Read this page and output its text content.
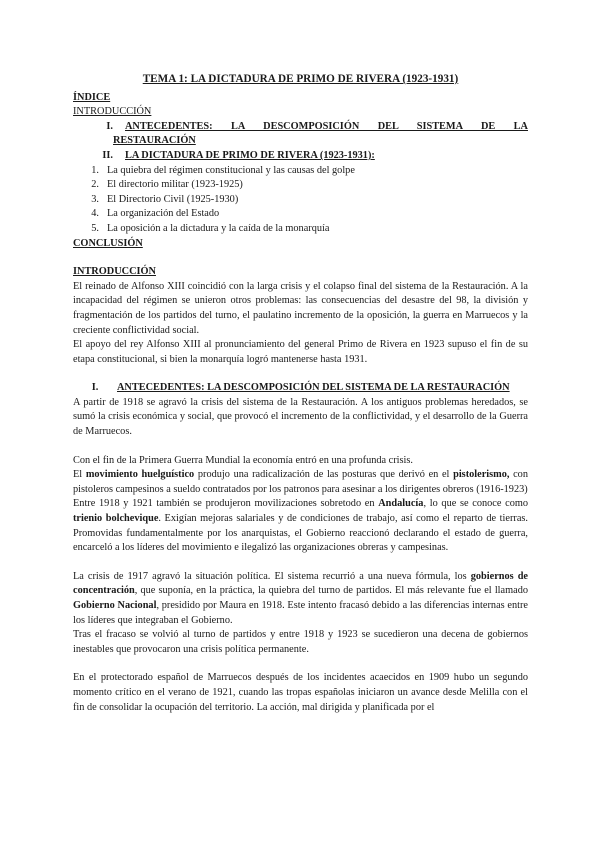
TEMA 1: LA DICTADURA DE PRIMO DE RIVERA (1923-1931)

ÍNDICE

INTRODUCCIÓN

I.	ANTECEDENTES: LA DESCOMPOSICIÓN DEL SISTEMA DE LA

RESTAURACIÓN

II.	LA DICTADURA DE PRIMO DE RIVERA (1923-1931):
1. La quiebra del régimen constitucional y las causas del golpe
2. El directorio militar (1923-1925)
3. El Directorio Civil (1925-1930)
4. La organización del Estado
5. La oposición a la dictadura y la caída de la monarquía

CONCLUSIÓN

INTRODUCCIÓN

El reinado de Alfonso XIII coincidió con la larga crisis y el colapso final del sistema de la Restauración. A la incapacidad del régimen se unieron otros problemas: las consecuencias del desastre del 98, la división y fragmentación de los partidos del turno, el paulatino incremento de la oposición, la guerra en Marruecos y la creciente conflictividad social.

El apoyo del rey Alfonso XIII al pronunciamiento del general Primo de Rivera en 1923 supuso el fin de su etapa constitucional, si bien la monarquía logró mantenerse hasta 1931.

I.	ANTECEDENTES: LA DESCOMPOSICIÓN DEL SISTEMA DE LA RESTAURACIÓN

A partir de 1918 se agravó la crisis del sistema de la Restauración. A los antiguos problemas heredados, se sumó la crisis económica y social, que provocó el incremento de la conflictividad, y el desarrollo de la Guerra de Marruecos.

Con el fin de la Primera Guerra Mundial la economía entró en una profunda crisis.

El movimiento huelguístico produjo una radicalización de las posturas que derivó en el pistolerismo, con pistoleros campesinos a sueldo contratados por los patronos para asesinar a los dirigentes obreros (1916-1923)

Entre 1918 y 1921 también se produjeron movilizaciones sobretodo en Andalucía, lo que se conoce como trienio bolchevique. Exigían mejoras salariales y de condiciones de trabajo, así como el reparto de tierras. Promovidas fundamentalmente por los anarquistas, el Gobierno reaccionó declarando el estado de guerra, encarceló a los líderes del movimiento e ilegalizó las organizaciones obreras y campesinas.

La crisis de 1917 agravó la situación política. El sistema recurrió a una nueva fórmula, los gobiernos de concentración, que suponía, en la práctica, la quiebra del turno de partidos. El más relevante fue el llamado Gobierno Nacional, presidido por Maura en 1918. Este intento fracasó debido a las diferencias internas entre los líderes que integraban el Gobierno.

Tras el fracaso se volvió al turno de partidos y entre 1918 y 1923 se sucedieron una decena de gobiernos inestables que provocaron una crisis política permanente.

En el protectorado español de Marruecos después de los incidentes acaecidos en 1909 hubo un segundo momento crítico en el verano de 1921, cuando las tropas españolas iniciaron un avance desde Melilla con el fin de consolidar la ocupación del territorio. La acción, mal dirigida y planificada por el
